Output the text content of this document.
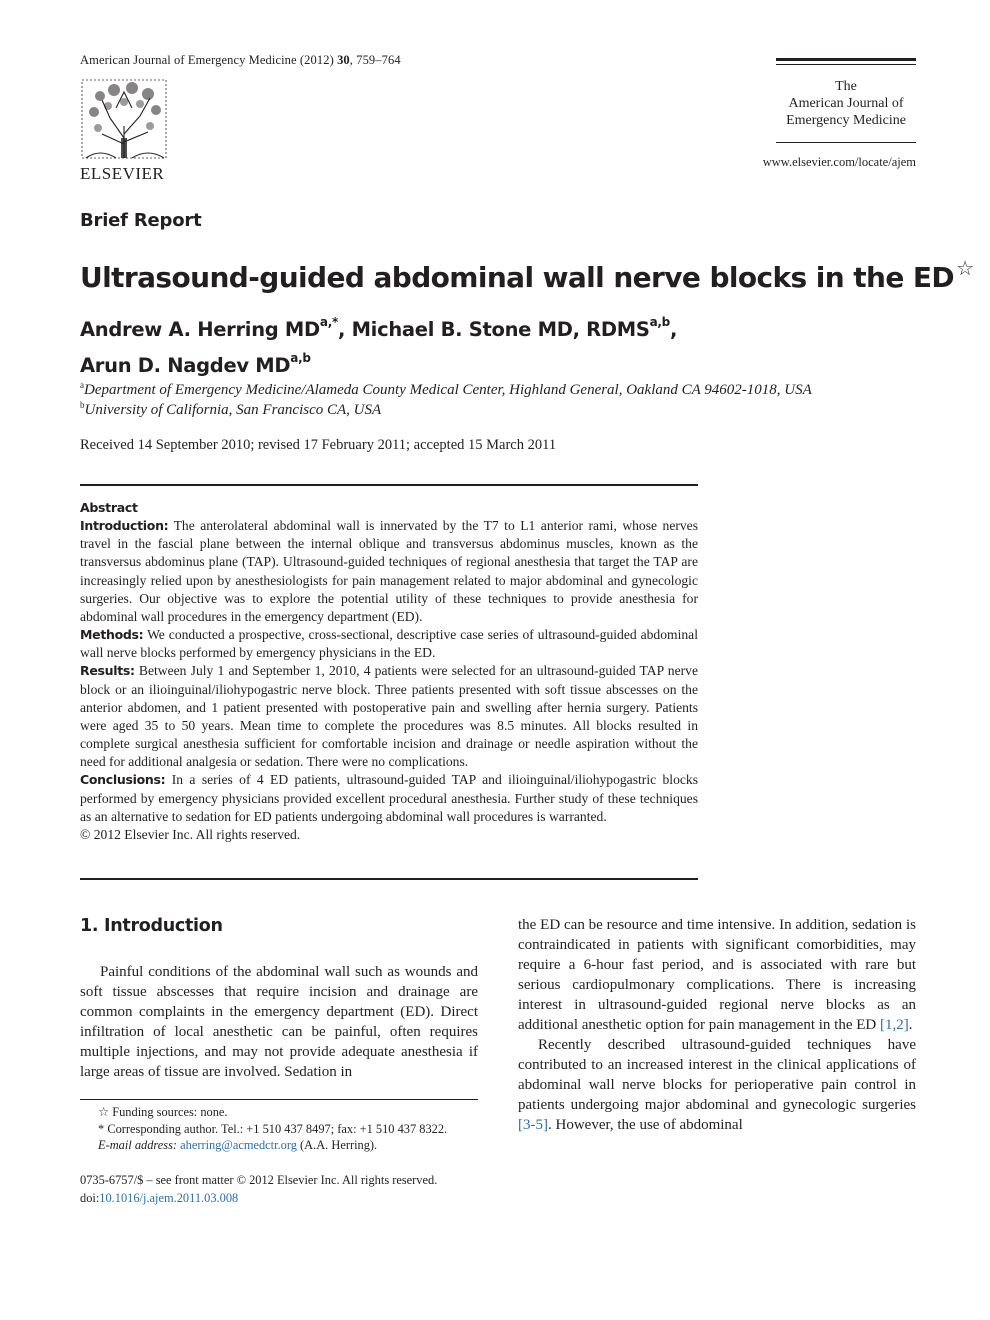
American Journal of Emergency Medicine (2012) 30, 759–764
ELSEVIER
The
American Journal of
Emergency Medicine
www.elsevier.com/locate/ajem
Brief Report
Ultrasound-guided abdominal wall nerve blocks in the ED ☆
Andrew A. Herring $MD^{a,*}$, Michael B. Stone MD, RDMS$^{a,b}$,
Arun D. Nagdev MD$^{a,b}$
$^a$Department of Emergency Medicine/Alameda County Medical Center, Highland General, Oakland CA 94602-1018, USA
$^b$University of California, San Francisco CA, USA
Received 14 September 2010; revised 17 February 2011; accepted 15 March 2011

Abstract

Introduction: The anterolateral abdominal wall is innervated by the T7 to L1 anterior rami, whose nerves travel in the fascial plane between the internal oblique and transversus abdominus muscles, known as the transversus abdominus plane (TAP). Ultrasound-guided techniques of regional anesthesia that target the TAP are increasingly relied upon by anesthesiologists for pain management related to major abdominal and gynecologic surgeries. Our objective was to explore the potential utility of these techniques to provide anesthesia for abdominal wall procedures in the emergency department (ED).

Methods: We conducted a prospective, cross-sectional, descriptive case series of ultrasound-guided abdominal wall nerve blocks performed by emergency physicians in the ED.

Results: Between July 1 and September 1, 2010, 4 patients were selected for an ultrasound-guided TAP nerve block or an ilioinguinal/iliohypogastric nerve block. Three patients presented with soft tissue abscesses on the anterior abdomen, and 1 patient presented with postoperative pain and swelling after hernia surgery. Patients were aged 35 to 50 years. Mean time to complete the procedures was 8.5 minutes. All blocks resulted in complete surgical anesthesia sufficient for comfortable incision and drainage or needle aspiration without the need for additional analgesia or sedation. There were no complications.

Conclusions: In a series of 4 ED patients, ultrasound-guided TAP and ilioinguinal/iliohypogastric blocks performed by emergency physicians provided excellent procedural anesthesia. Further study of these techniques as an alternative to sedation for ED patients undergoing abdominal wall procedures is warranted.

© 2012 Elsevier Inc. All rights reserved.

1. Introduction

Painful conditions of the abdominal wall such as wounds and soft tissue abscesses that require incision and drainage are common complaints in the emergency department (ED). Direct infiltration of local anesthetic can be painful, often requires multiple injections, and may not provide adequate anesthesia if large areas of tissue are involved. Sedation in

the ED can be resource and time intensive. In addition, sedation is contraindicated in patients with significant comorbidities, may require a 6-hour fast period, and is associated with rare but serious cardiopulmonary complications. There is increasing interest in ultrasound-guided regional nerve blocks as an additional anesthetic option for pain management in the ED [1,2].

Recently described ultrasound-guided techniques have contributed to an increased interest in the clinical applications of abdominal wall nerve blocks for perioperative pain control in patients undergoing major abdominal and gynecologic surgeries [3-5]. However, the use of abdominal

☆ Funding sources: none.
* Corresponding author. Tel.: +1 510 437 8497; fax: +1 510 437 8322.
E-mail address: aherring@acmedctr.org (A.A. Herring).
0735-6757/$ – see front matter © 2012 Elsevier Inc. All rights reserved.
doi:10.1016/j.ajem.2011.03.008
